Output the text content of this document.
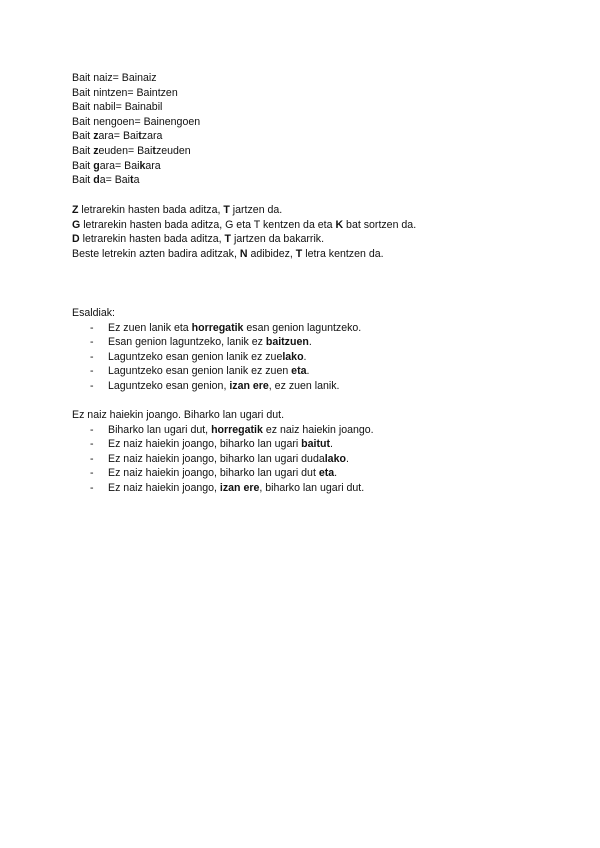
Bait naiz= Bainaiz
Bait nintzen= Baintzen
Bait nabil= Bainabil
Bait nengoen= Bainengoen
Bait zara= Baitzara
Bait zeuden= Baitzeuden
Bait gara= Baikara
Bait da= Baita
Z letrarekin hasten bada aditza, T jartzen da.
G letrarekin hasten bada aditza, G eta T kentzen da eta K bat sortzen da.
D letrarekin hasten bada aditza, T jartzen da bakarrik.
Beste letrekin azten badira aditzak, N adibidez, T letra kentzen da.
Esaldiak:
- Ez zuen lanik eta horregatik esan genion laguntzeko.
- Esan genion laguntzeko, lanik ez baitzuen.
- Laguntzeko esan genion lanik ez zuelako.
- Laguntzeko esan genion lanik ez zuen eta.
- Laguntzeko esan genion, izan ere, ez zuen lanik.
Ez naiz haiekin joango. Biharko lan ugari dut.
- Biharko lan ugari dut, horregatik ez naiz haiekin joango.
- Ez naiz haiekin joango, biharko lan ugari baitut.
- Ez naiz haiekin joango, biharko lan ugari dudalako.
- Ez naiz haiekin joango, biharko lan ugari dut eta.
- Ez naiz haiekin joango, izan ere, biharko lan ugari dut.
